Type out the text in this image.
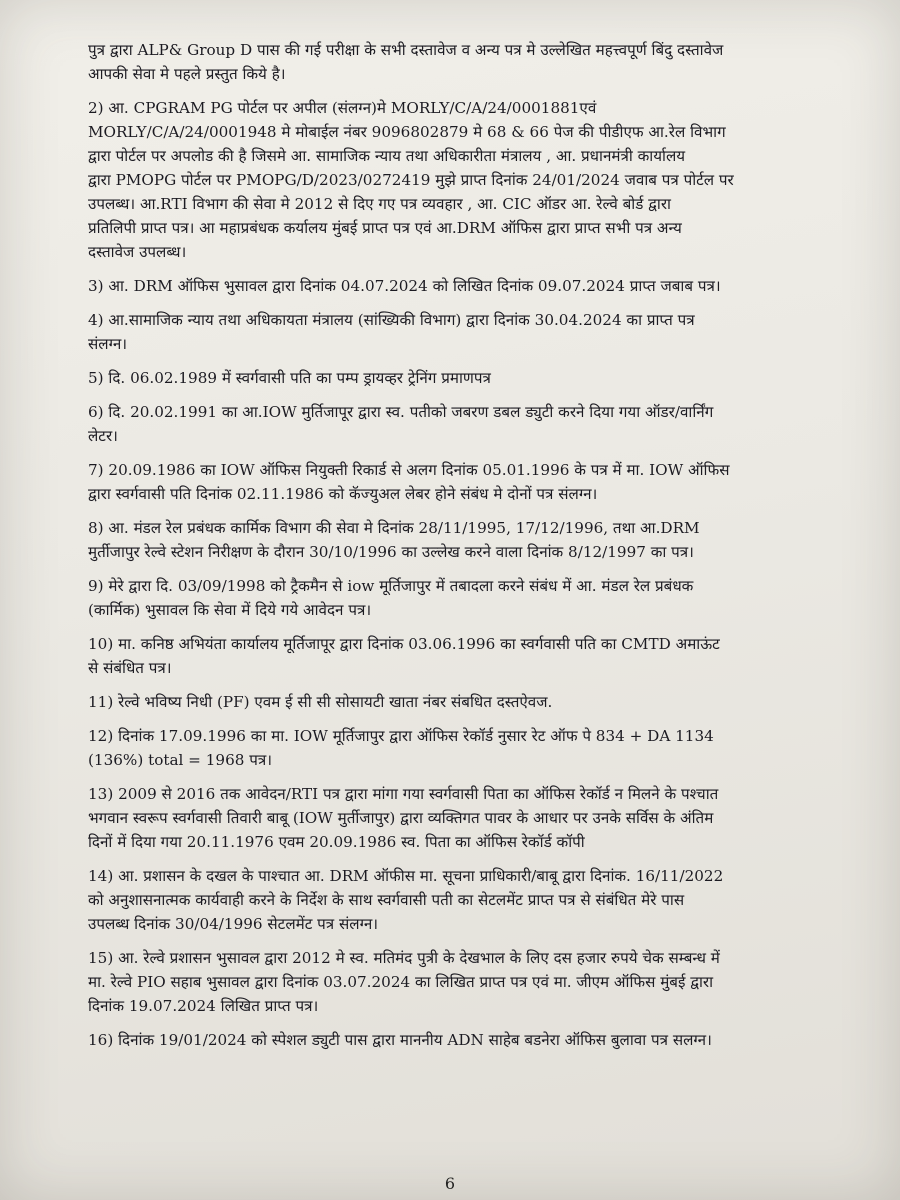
पुत्र द्वारा ALP& Group D पास की गई परीक्षा के सभी दस्तावेज व अन्य पत्र मे उल्लेखित महत्त्वपूर्ण बिंदु दस्तावेज
आपकी सेवा मे पहले प्रस्तुत किये है।
2) आ. CPGRAM PG पोर्टल पर अपील (संलग्न)मे MORLY/C/A/24/0001881एवं
MORLY/C/A/24/0001948 मे मोबाईल नंबर 9096802879 मे 68 & 66 पेज की पीडीएफ आ.रेल विभाग
द्वारा पोर्टल पर अपलोड की है जिसमे आ. सामाजिक न्याय तथा अधिकारीता मंत्रालय , आ. प्रधानमंत्री कार्यालय
द्वारा PMOPG पोर्टल पर PMOPG/D/2023/0272419 मुझे प्राप्त दिनांक 24/01/2024 जवाब पत्र पोर्टल पर
उपलब्ध। आ.RTI विभाग की सेवा मे 2012 से दिए गए पत्र व्यवहार , आ. CIC ऑडर आ. रेल्वे बोर्ड द्वारा
प्रतिलिपी प्राप्त पत्र। आ महाप्रबंधक कर्यालय मुंबई प्राप्त पत्र एवं आ.DRM ऑफिस द्वारा प्राप्त सभी पत्र अन्य
दस्तावेज उपलब्ध।
3) आ. DRM ऑफिस भुसावल द्वारा दिनांक 04.07.2024 को लिखित दिनांक 09.07.2024 प्राप्त जबाब पत्र।
4) आ.सामाजिक न्याय तथा अधिकायता मंत्रालय (सांख्यिकी विभाग) द्वारा दिनांक 30.04.2024 का प्राप्त पत्र
संलग्न।
5) दि. 06.02.1989 में स्वर्गवासी पति का पम्प ड्रायव्हर ट्रेनिंग प्रमाणपत्र
6) दि. 20.02.1991 का आ.IOW मुर्तिजापूर द्वारा स्व. पतीको जबरण डबल ड्युटी करने दिया गया ऑडर/वार्निंग
लेटर।
7) 20.09.1986 का IOW ऑफिस नियुक्ती रिकार्ड से अलग दिनांक 05.01.1996 के पत्र में मा. IOW ऑफिस
द्वारा स्वर्गवासी पति दिनांक 02.11.1986 को कॅज्युअल लेबर होने संबंध मे दोनों पत्र संलग्न।
8) आ. मंडल रेल प्रबंधक कार्मिक विभाग की सेवा मे दिनांक 28/11/1995, 17/12/1996, तथा आ.DRM
मुर्तीजापुर रेल्वे स्टेशन निरीक्षण के दौरान 30/10/1996 का उल्लेख करने वाला दिनांक 8/12/1997 का पत्र।
9) मेरे द्वारा दि. 03/09/1998 को ट्रैकमैन से iow मूर्तिजापुर में तबादला करने संबंध में आ. मंडल रेल प्रबंधक
(कार्मिक) भुसावल कि सेवा में दिये गये आवेदन पत्र।
10) मा. कनिष्ठ अभियंता कार्यालय मूर्तिजापूर द्वारा दिनांक 03.06.1996 का स्वर्गवासी पति का CMTD अमाऊंट
से संबंधित पत्र।
11) रेल्वे भविष्य निधी (PF) एवम ई सी सी सोसायटी खाता नंबर संबधित दस्तऐवज.
12) दिनांक 17.09.1996 का मा. IOW मूर्तिजापुर द्वारा ऑफिस रेकॉर्ड नुसार रेट ऑफ पे 834 + DA 1134
(136%) total = 1968 पत्र।
13) 2009 से 2016 तक आवेदन/RTI पत्र द्वारा मांगा गया स्वर्गवासी पिता का ऑफिस रेकॉर्ड न मिलने के पश्चात
भगवान स्वरूप स्वर्गवासी तिवारी बाबू (IOW मुर्तीजापुर) द्वारा व्यक्तिगत पावर के आधार पर उनके सर्विस के अंतिम
दिनों में दिया गया 20.11.1976 एवम 20.09.1986 स्व. पिता का ऑफिस रेकॉर्ड कॉपी
14) आ. प्रशासन के दखल के पाश्चात आ. DRM ऑफीस मा. सूचना प्राधिकारी/बाबू द्वारा दिनांक. 16/11/2022
को अनुशासनात्मक कार्यवाही करने के निर्देश के साथ स्वर्गवासी पती का सेटलमेंट प्राप्त पत्र से संबंधित मेरे पास
उपलब्ध दिनांक 30/04/1996 सेटलमेंट पत्र संलग्न।
15) आ. रेल्वे प्रशासन भुसावल द्वारा 2012 मे स्व. मतिमंद पुत्री के देखभाल के लिए दस हजार रुपये चेक सम्बन्ध में
मा. रेल्वे PIO सहाब भुसावल द्वारा दिनांक 03.07.2024 का लिखित प्राप्त पत्र एवं मा. जीएम ऑफिस मुंबई द्वारा
दिनांक 19.07.2024 लिखित प्राप्त पत्र।
16) दिनांक 19/01/2024 को स्पेशल ड्युटी पास द्वारा माननीय ADN साहेब बडनेरा ऑफिस बुलावा पत्र सलग्न।
6
